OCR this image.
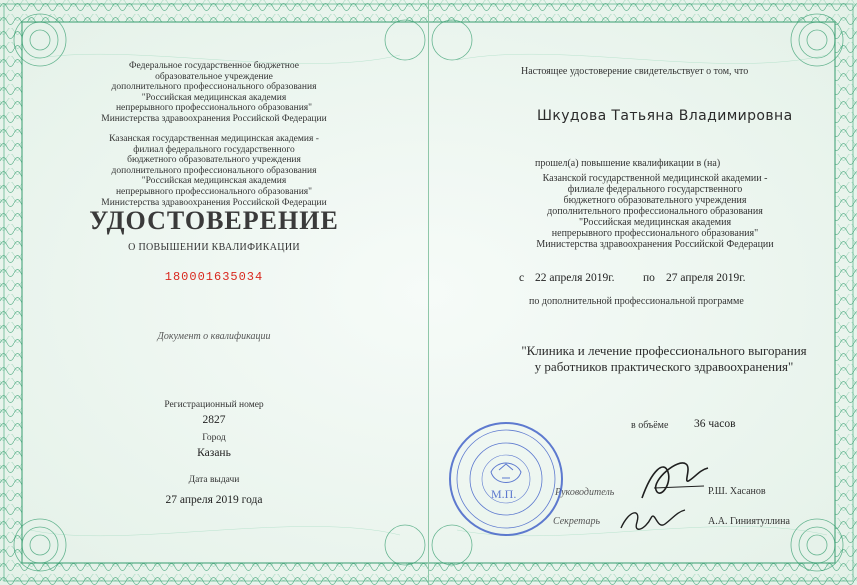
Федеральное государственное бюджетное
образовательное учреждение
дополнительного профессионального образования
"Российская медицинская академия
непрерывного профессионального образования"
Министерства здравоохранения Российской Федерации
Казанская государственная медицинская академия -
филиал федерального государственного
бюджетного образовательного учреждения
дополнительного профессионального образования
"Российская медицинская академия
непрерывного профессионального образования"
Министерства здравоохранения Российской Федерации
УДОСТОВЕРЕНИЕ
О ПОВЫШЕНИИ КВАЛИФИКАЦИИ
180001635034
Документ о квалификации
Регистрационный номер
2827
Город
Казань
Дата выдачи
27 апреля 2019 года
Настоящее удостоверение свидетельствует о том, что
Шкудова Татьяна Владимировна
прошел(а) повышение квалификации в (на)
Казанской государственной медицинской академии -
филиале федерального государственного
бюджетного образовательного учреждения
дополнительного профессионального образования
"Российская медицинская академия
непрерывного профессионального образования"
Министерства здравоохранения Российской Федерации
с 22 апреля 2019г. по 27 апреля 2019г.
по дополнительной профессиональной программе
"Клиника и лечение профессионального выгорания
у работников практического здравоохранения"
в объёме 36 часов
Руководитель	Р.Ш. Хасанов
Секретарь	А.А. Гиниятуллина
М.П.
